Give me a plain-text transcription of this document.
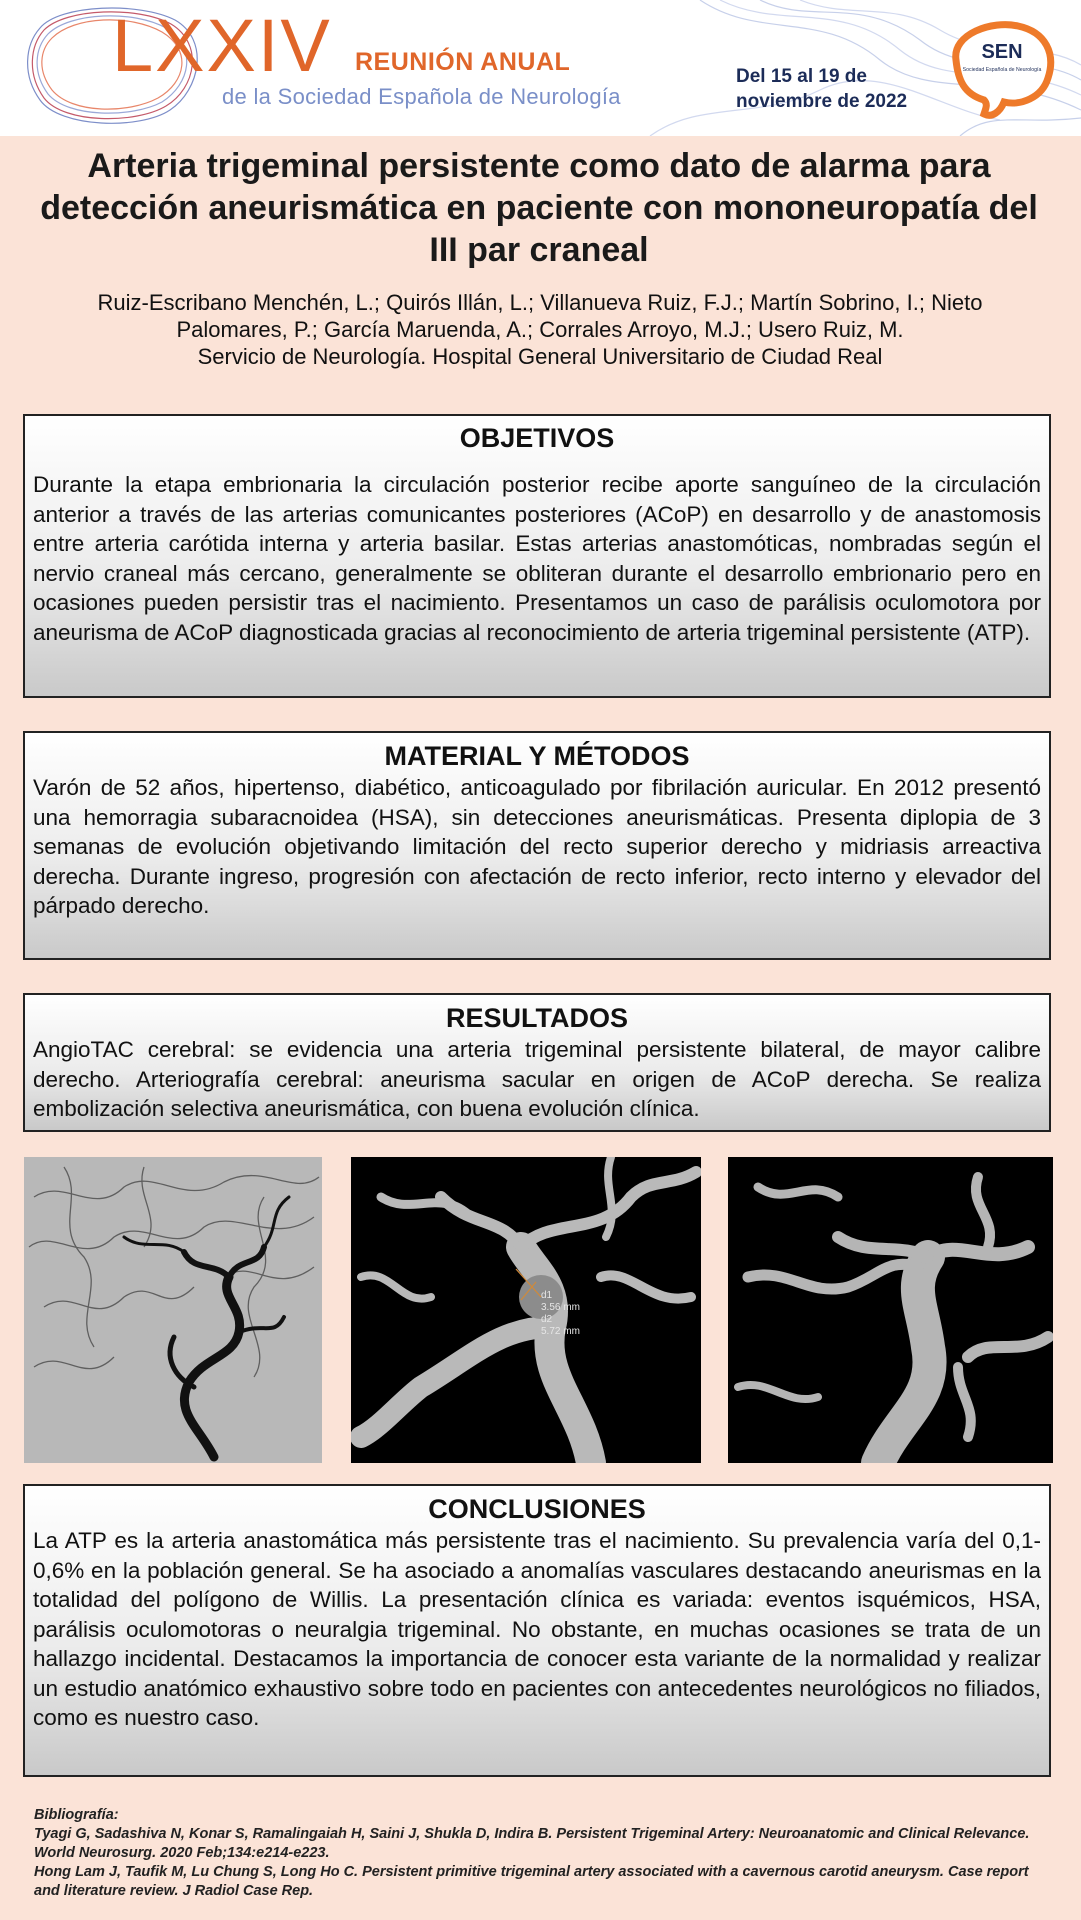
LXXIV REUNIÓN ANUAL
de la Sociedad Española de Neurología
Del 15 al 19 de
noviembre de 2022
SEN
Sociedad Española de Neurología
Arteria trigeminal persistente como dato de alarma para detección aneurismática en paciente con mononeuropatía del III par craneal
Ruiz-Escribano Menchén, L.; Quirós Illán, L.; Villanueva Ruiz, F.J.; Martín Sobrino, I.; Nieto
Palomares, P.; García Maruenda, A.; Corrales Arroyo, M.J.; Usero Ruiz, M.
Servicio de Neurología. Hospital General Universitario de Ciudad Real
OBJETIVOS

Durante la etapa embrionaria la circulación posterior recibe aporte sanguíneo de la circulación anterior a través de las arterias comunicantes posteriores (ACoP) en desarrollo y de anastomosis entre arteria carótida interna y arteria basilar. Estas arterias anastomóticas, nombradas según el nervio craneal más cercano, generalmente se obliteran durante el desarrollo embrionario pero en ocasiones pueden persistir tras el nacimiento. Presentamos un caso de parálisis oculomotora por aneurisma de ACoP diagnosticada gracias al reconocimiento de arteria trigeminal persistente (ATP).

MATERIAL Y MÉTODOS

Varón de 52 años, hipertenso, diabético, anticoagulado por fibrilación auricular. En 2012 presentó una hemorragia subaracnoidea (HSA), sin detecciones aneurismáticas. Presenta diplopia de 3 semanas de evolución objetivando limitación del recto superior derecho y midriasis arreactiva derecha. Durante ingreso, progresión con afectación de recto inferior, recto interno y elevador del párpado derecho.

RESULTADOS

AngioTAC cerebral: se evidencia una arteria trigeminal persistente bilateral, de mayor calibre derecho. Arteriografía cerebral: aneurisma sacular en origen de ACoP derecha. Se realiza embolización selectiva aneurismática, con buena evolución clínica.

d1
3.56 mm
d2
5.72 mm
CONCLUSIONES

La ATP es la arteria anastomática más persistente tras el nacimiento. Su prevalencia varía del 0,1-0,6% en la población general. Se ha asociado a anomalías vasculares destacando aneurismas en la totalidad del polígono de Willis. La presentación clínica es variada: eventos isquémicos, HSA, parálisis oculomotoras o neuralgia trigeminal. No obstante, en muchas ocasiones se trata de un hallazgo incidental. Destacamos la importancia de conocer esta variante de la normalidad y realizar un estudio anatómico exhaustivo sobre todo en pacientes con antecedentes neurológicos no filiados, como es nuestro caso.

Bibliografía:
Tyagi G, Sadashiva N, Konar S, Ramalingaiah H, Saini J, Shukla D, Indira B. Persistent Trigeminal Artery: Neuroanatomic and Clinical Relevance. World Neurosurg. 2020 Feb;134:e214-e223.
Hong Lam J, Taufik M, Lu Chung S, Long Ho C. Persistent primitive trigeminal artery associated with a cavernous carotid aneurysm. Case report and literature review. J Radiol Case Rep.
